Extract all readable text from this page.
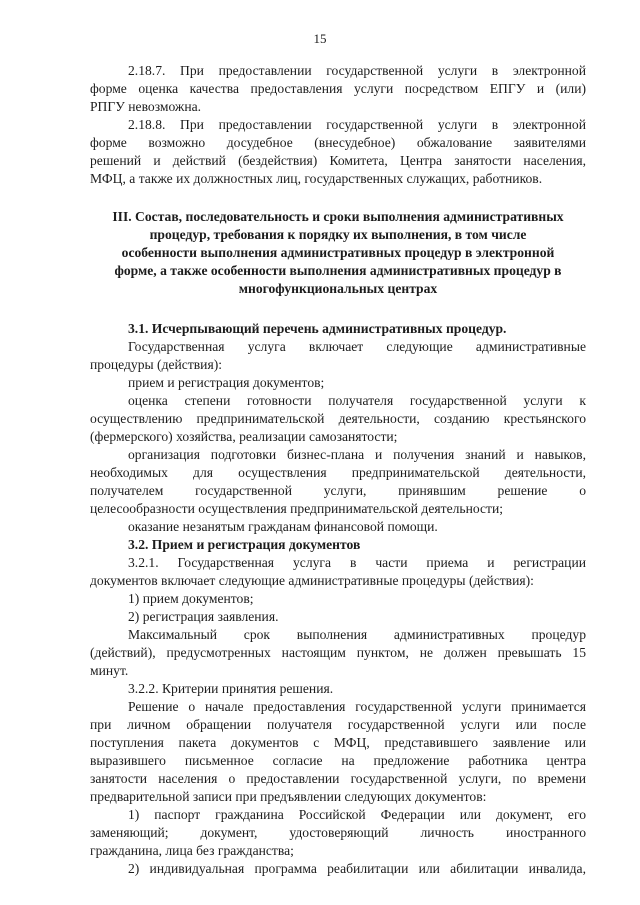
15
2.18.7. При предоставлении государственной услуги в электронной
форме оценка качества предоставления услуги посредством ЕПГУ и (или)
РПГУ невозможна.
2.18.8. При предоставлении государственной услуги в электронной
форме возможно досудебное (внесудебное) обжалование заявителями
решений и действий (бездействия) Комитета, Центра занятости населения,
МФЦ, а также их должностных лиц, государственных служащих, работников.
III. Состав, последовательность и сроки выполнения административных
процедур, требования к порядку их выполнения, в том числе
особенности выполнения административных процедур в электронной
форме, а также особенности выполнения административных процедур в
многофункциональных центрах
3.1. Исчерпывающий перечень административных процедур.
Государственная услуга включает следующие административные
процедуры (действия):
прием и регистрация документов;
оценка степени готовности получателя государственной услуги к
осуществлению предпринимательской деятельности, созданию крестьянского
(фермерского) хозяйства, реализации самозанятости;
организация подготовки бизнес-плана и получения знаний и навыков,
необходимых для осуществления предпринимательской деятельности,
получателем государственной услуги, принявшим решение о
целесообразности осуществления предпринимательской деятельности;
оказание незанятым гражданам финансовой помощи.
3.2. Прием и регистрация документов
3.2.1. Государственная услуга в части приема и регистрации
документов включает следующие административные процедуры (действия):
1) прием документов;
2) регистрация заявления.
Максимальный срок выполнения административных процедур
(действий), предусмотренных настоящим пунктом, не должен превышать 15
минут.
3.2.2. Критерии принятия решения.
Решение о начале предоставления государственной услуги принимается
при личном обращении получателя государственной услуги или после
поступления пакета документов с МФЦ, представившего заявление или
выразившего письменное согласие на предложение работника центра
занятости населения о предоставлении государственной услуги, по времени
предварительной записи при предъявлении следующих документов:
1) паспорт гражданина Российской Федерации или документ, его
заменяющий; документ, удостоверяющий личность иностранного
гражданина, лица без гражданства;
2) индивидуальная программа реабилитации или абилитации инвалида,
